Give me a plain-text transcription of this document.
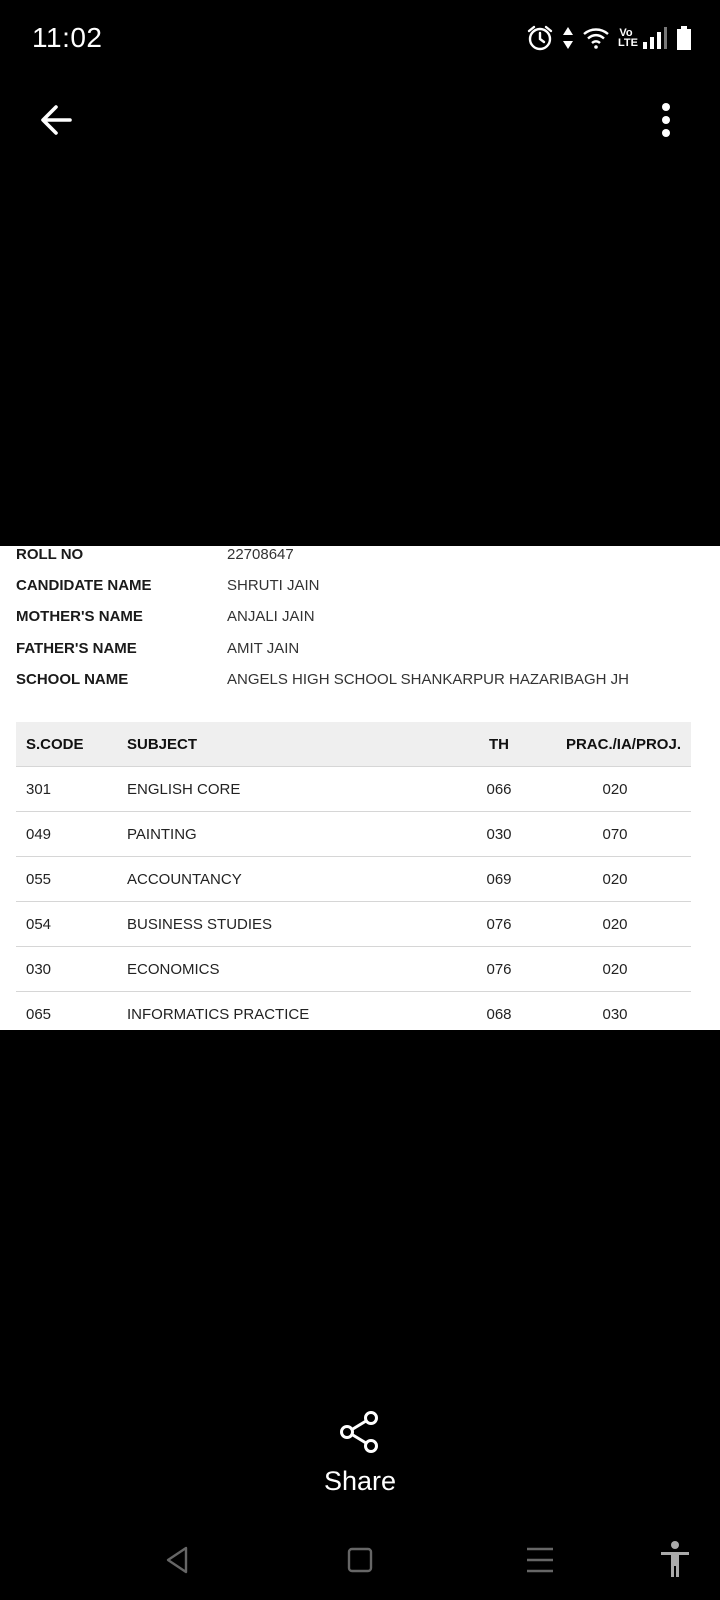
11:02	Vo
LTE
ROLL NO	22708647
CANDIDATE NAME	SHRUTI JAIN
MOTHER'S NAME	ANJALI JAIN
FATHER'S NAME	AMIT JAIN
SCHOOL NAME	ANGELS HIGH SCHOOL SHANKARPUR HAZARIBAGH JH
S.CODE	SUBJECT	TH	PRAC./IA/PROJ.
301	ENGLISH CORE	066	020
049	PAINTING	030	070
055	ACCOUNTANCY	069	020
054	BUSINESS STUDIES	076	020
030	ECONOMICS	076	020
065	INFORMATICS PRACTICE	068	030
Share
